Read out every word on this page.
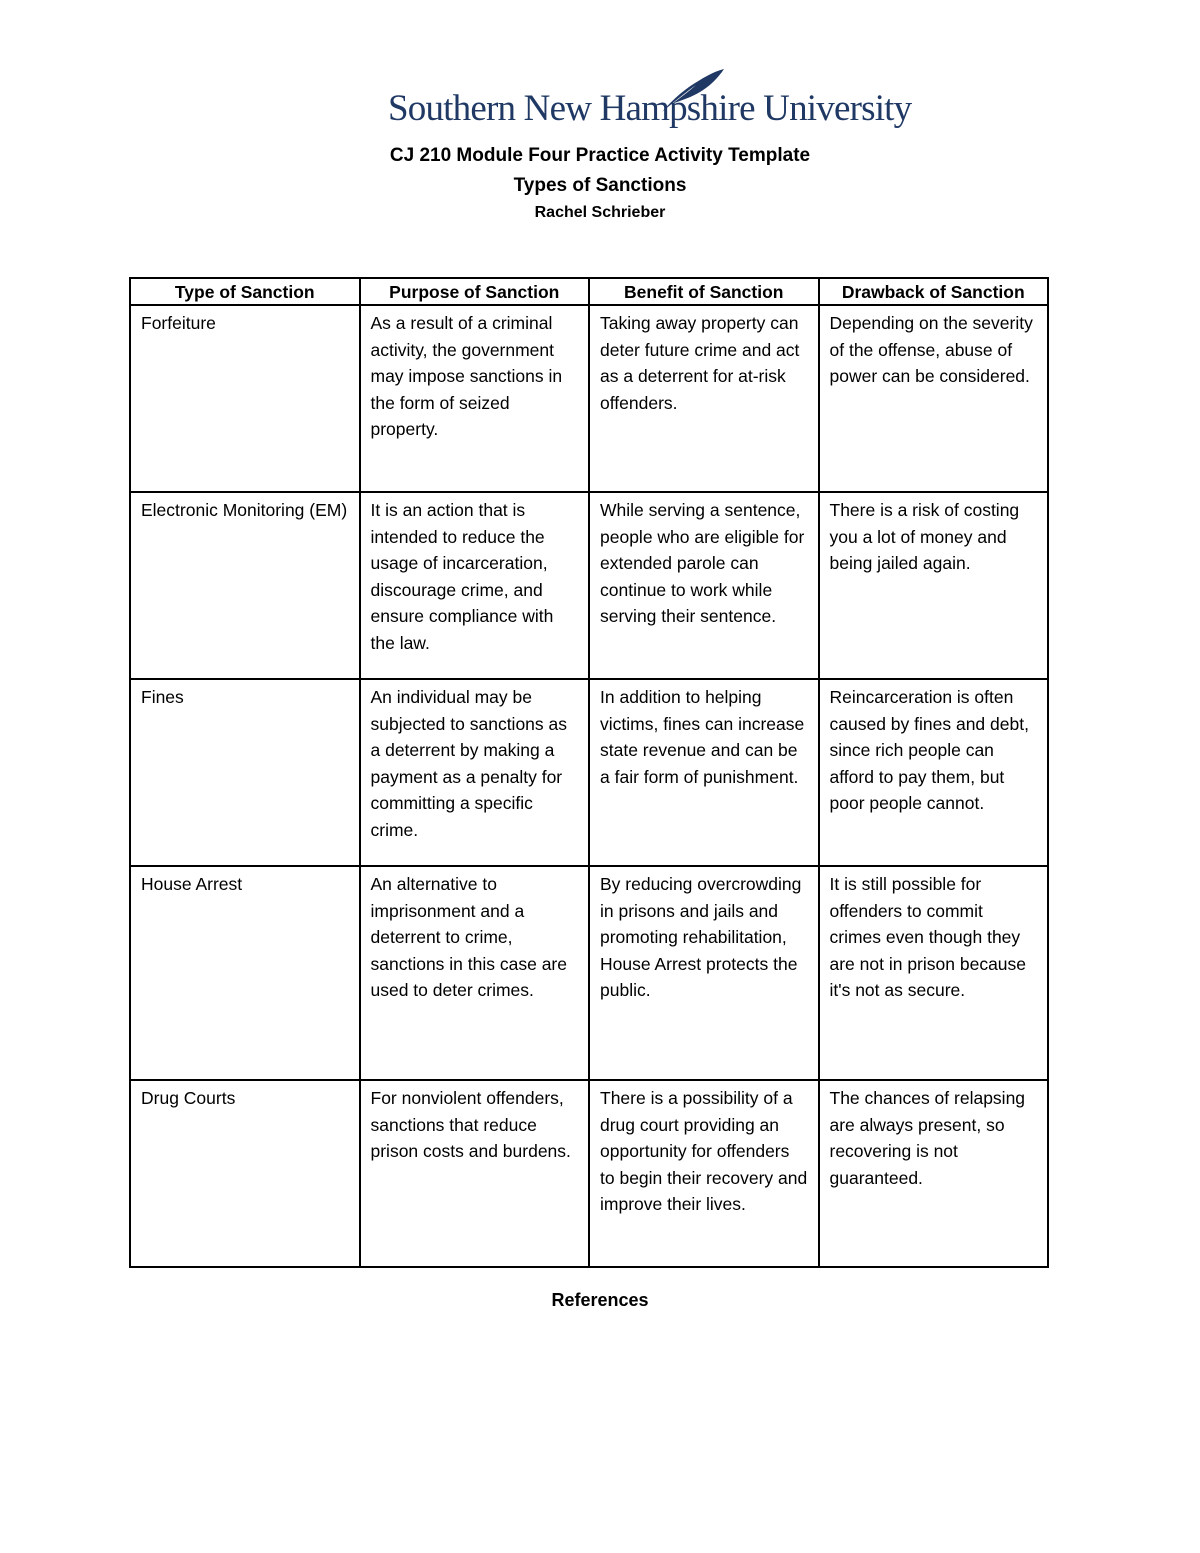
Southern New Hampshire University
CJ 210 Module Four Practice Activity Template
Types of Sanctions
Rachel Schrieber
Type of Sanction	Purpose of Sanction	Benefit of Sanction	Drawback of Sanction
Forfeiture	As a result of a criminal activity, the government may impose sanctions in the form of seized property.	Taking away property can deter future crime and act as a deterrent for at-risk offenders.	Depending on the severity of the offense, abuse of power can be considered.
Electronic Monitoring (EM)	It is an action that is intended to reduce the usage of incarceration, discourage crime, and ensure compliance with the law.	While serving a sentence, people who are eligible for extended parole can continue to work while serving their sentence.	There is a risk of costing you a lot of money and being jailed again.
Fines	An individual may be subjected to sanctions as a deterrent by making a payment as a penalty for committing a specific crime.	In addition to helping victims, fines can increase state revenue and can be a fair form of punishment.	Reincarceration is often caused by fines and debt, since rich people can afford to pay them, but poor people cannot.
House Arrest	An alternative to imprisonment and a deterrent to crime, sanctions in this case are used to deter crimes.	By reducing overcrowding in prisons and jails and promoting rehabilitation, House Arrest protects the public.	It is still possible for offenders to commit crimes even though they are not in prison because it's not as secure.
Drug Courts	For nonviolent offenders, sanctions that reduce prison costs and burdens.	There is a possibility of a drug court providing an opportunity for offenders to begin their recovery and improve their lives.	The chances of relapsing are always present, so recovering is not guaranteed.
References
